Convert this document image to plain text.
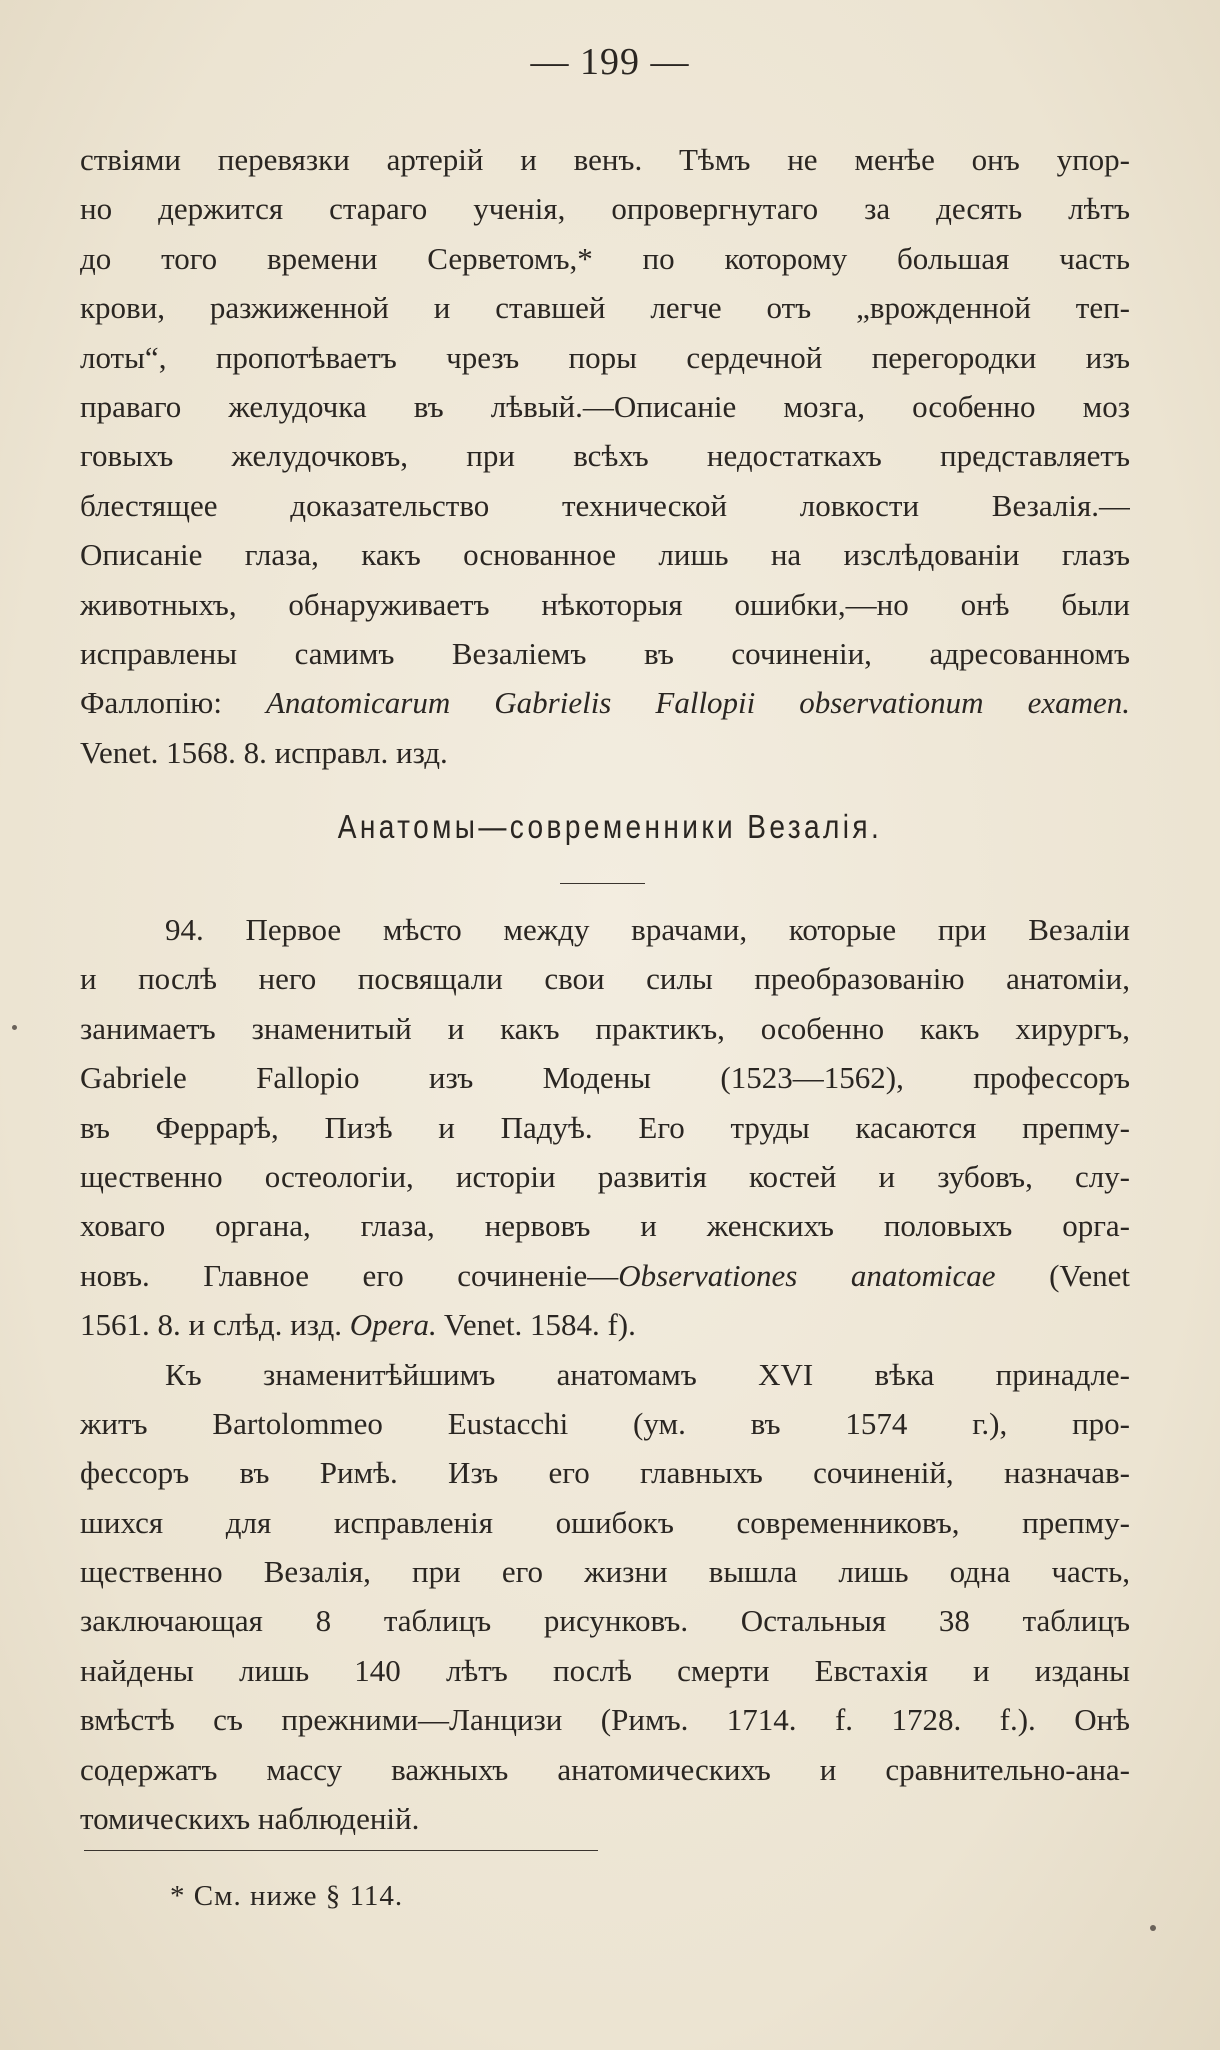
— 199 —
ствіями перевязки артерій и венъ. Тѣмъ не менѣе онъ упор-
но держится стараго ученія, опровергнутаго за десять лѣтъ
до того времени Серветомъ,* по которому большая часть
крови, разжиженной и ставшей легче отъ „врожденной теп-
лоты“, пропотѣваетъ чрезъ поры сердечной перегородки изъ
праваго желудочка въ лѣвый.—Описаніе мозга, особенно моз
говыхъ желудочковъ, при всѣхъ недостаткахъ представляетъ
блестящее доказательство технической ловкости Везалія.—
Описаніе глаза, какъ основанное лишь на изслѣдованіи глазъ
животныхъ, обнаруживаетъ нѣкоторыя ошибки,—но онѣ были
исправлены самимъ Везаліемъ въ сочиненіи, адресованномъ
Фаллопію: Anatomicarum Gabrielis Fallopii observationum examen.
Venet. 1568. 8. исправл. изд.
Анатомы—современники Везалія.
94. Первое мѣсто между врачами, которые при Везаліи
и послѣ него посвящали свои силы преобразованію анатоміи,
занимаетъ знаменитый и какъ практикъ, особенно какъ хирургъ,
Gabriele Fallopio изъ Модены (1523—1562), профессоръ
въ Феррарѣ, Пизѣ и Падуѣ. Его труды касаются препму-
щественно остеологіи, исторіи развитія костей и зубовъ, слу-
ховаго органа, глаза, нервовъ и женскихъ половыхъ орга-
новъ. Главное его сочиненіе—Observationes anatomicae (Venet
1561. 8. и слѣд. изд. Opera. Venet. 1584. f).
Къ знаменитѣйшимъ анатомамъ XVI вѣка принадле-
житъ Bartolommeo Eustacchi (ум. въ 1574 г.), про-
фессоръ въ Римѣ. Изъ его главныхъ сочиненій, назначав-
шихся для исправленія ошибокъ современниковъ, препму-
щественно Везалія, при его жизни вышла лишь одна часть,
заключающая 8 таблицъ рисунковъ. Остальныя 38 таблицъ
найдены лишь 140 лѣтъ послѣ смерти Евстахія и изданы
вмѣстѣ съ прежними—Ланцизи (Римъ. 1714. f. 1728. f.). Онѣ
содержатъ массу важныхъ анатомическихъ и сравнительно-ана-
томическихъ наблюденій.
* См. ниже § 114.
